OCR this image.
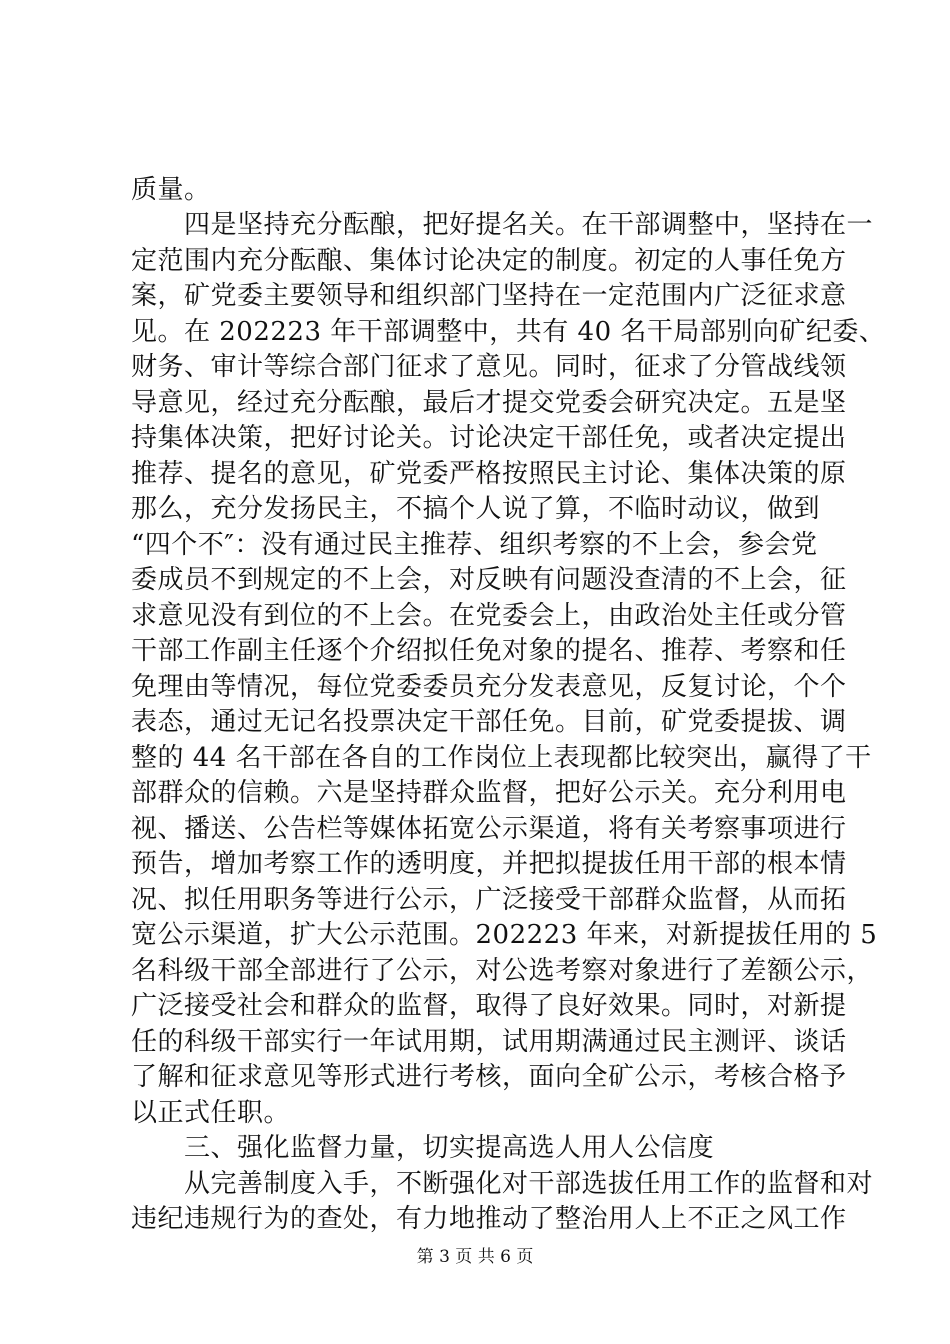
质量。
　　四是坚持充分酝酿，把好提名关。在干部调整中，坚持在一
定范围内充分酝酿、集体讨论决定的制度。初定的人事任免方
案，矿党委主要领导和组织部门坚持在一定范围内广泛征求意
见。在 202223 年干部调整中，共有 40 名干局部别向矿纪委、
财务、审计等综合部门征求了意见。同时，征求了分管战线领
导意见，经过充分酝酿，最后才提交党委会研究决定。五是坚
持集体决策，把好讨论关。讨论决定干部任免，或者决定提出
推荐、提名的意见，矿党委严格按照民主讨论、集体决策的原
那么，充分发扬民主，不搞个人说了算，不临时动议，做到
“四个不″：没有通过民主推荐、组织考察的不上会，参会党
委成员不到规定的不上会，对反映有问题没查清的不上会，征
求意见没有到位的不上会。在党委会上，由政治处主任或分管
干部工作副主任逐个介绍拟任免对象的提名、推荐、考察和任
免理由等情况，每位党委委员充分发表意见，反复讨论，个个
表态，通过无记名投票决定干部任免。目前，矿党委提拔、调
整的 44 名干部在各自的工作岗位上表现都比较突出，赢得了干
部群众的信赖。六是坚持群众监督，把好公示关。充分利用电
视、播送、公告栏等媒体拓宽公示渠道，将有关考察事项进行
预告，增加考察工作的透明度，并把拟提拔任用干部的根本情
况、拟任用职务等进行公示，广泛接受干部群众监督，从而拓
宽公示渠道，扩大公示范围。202223 年来，对新提拔任用的 5
名科级干部全部进行了公示，对公选考察对象进行了差额公示，
广泛接受社会和群众的监督，取得了良好效果。同时，对新提
任的科级干部实行一年试用期，试用期满通过民主测评、谈话
了解和征求意见等形式进行考核，面向全矿公示，考核合格予
以正式任职。
　　三、强化监督力量，切实提高选人用人公信度
　　从完善制度入手，不断强化对干部选拔任用工作的监督和对
违纪违规行为的查处，有力地推动了整治用人上不正之风工作
第 3 页 共 6 页
